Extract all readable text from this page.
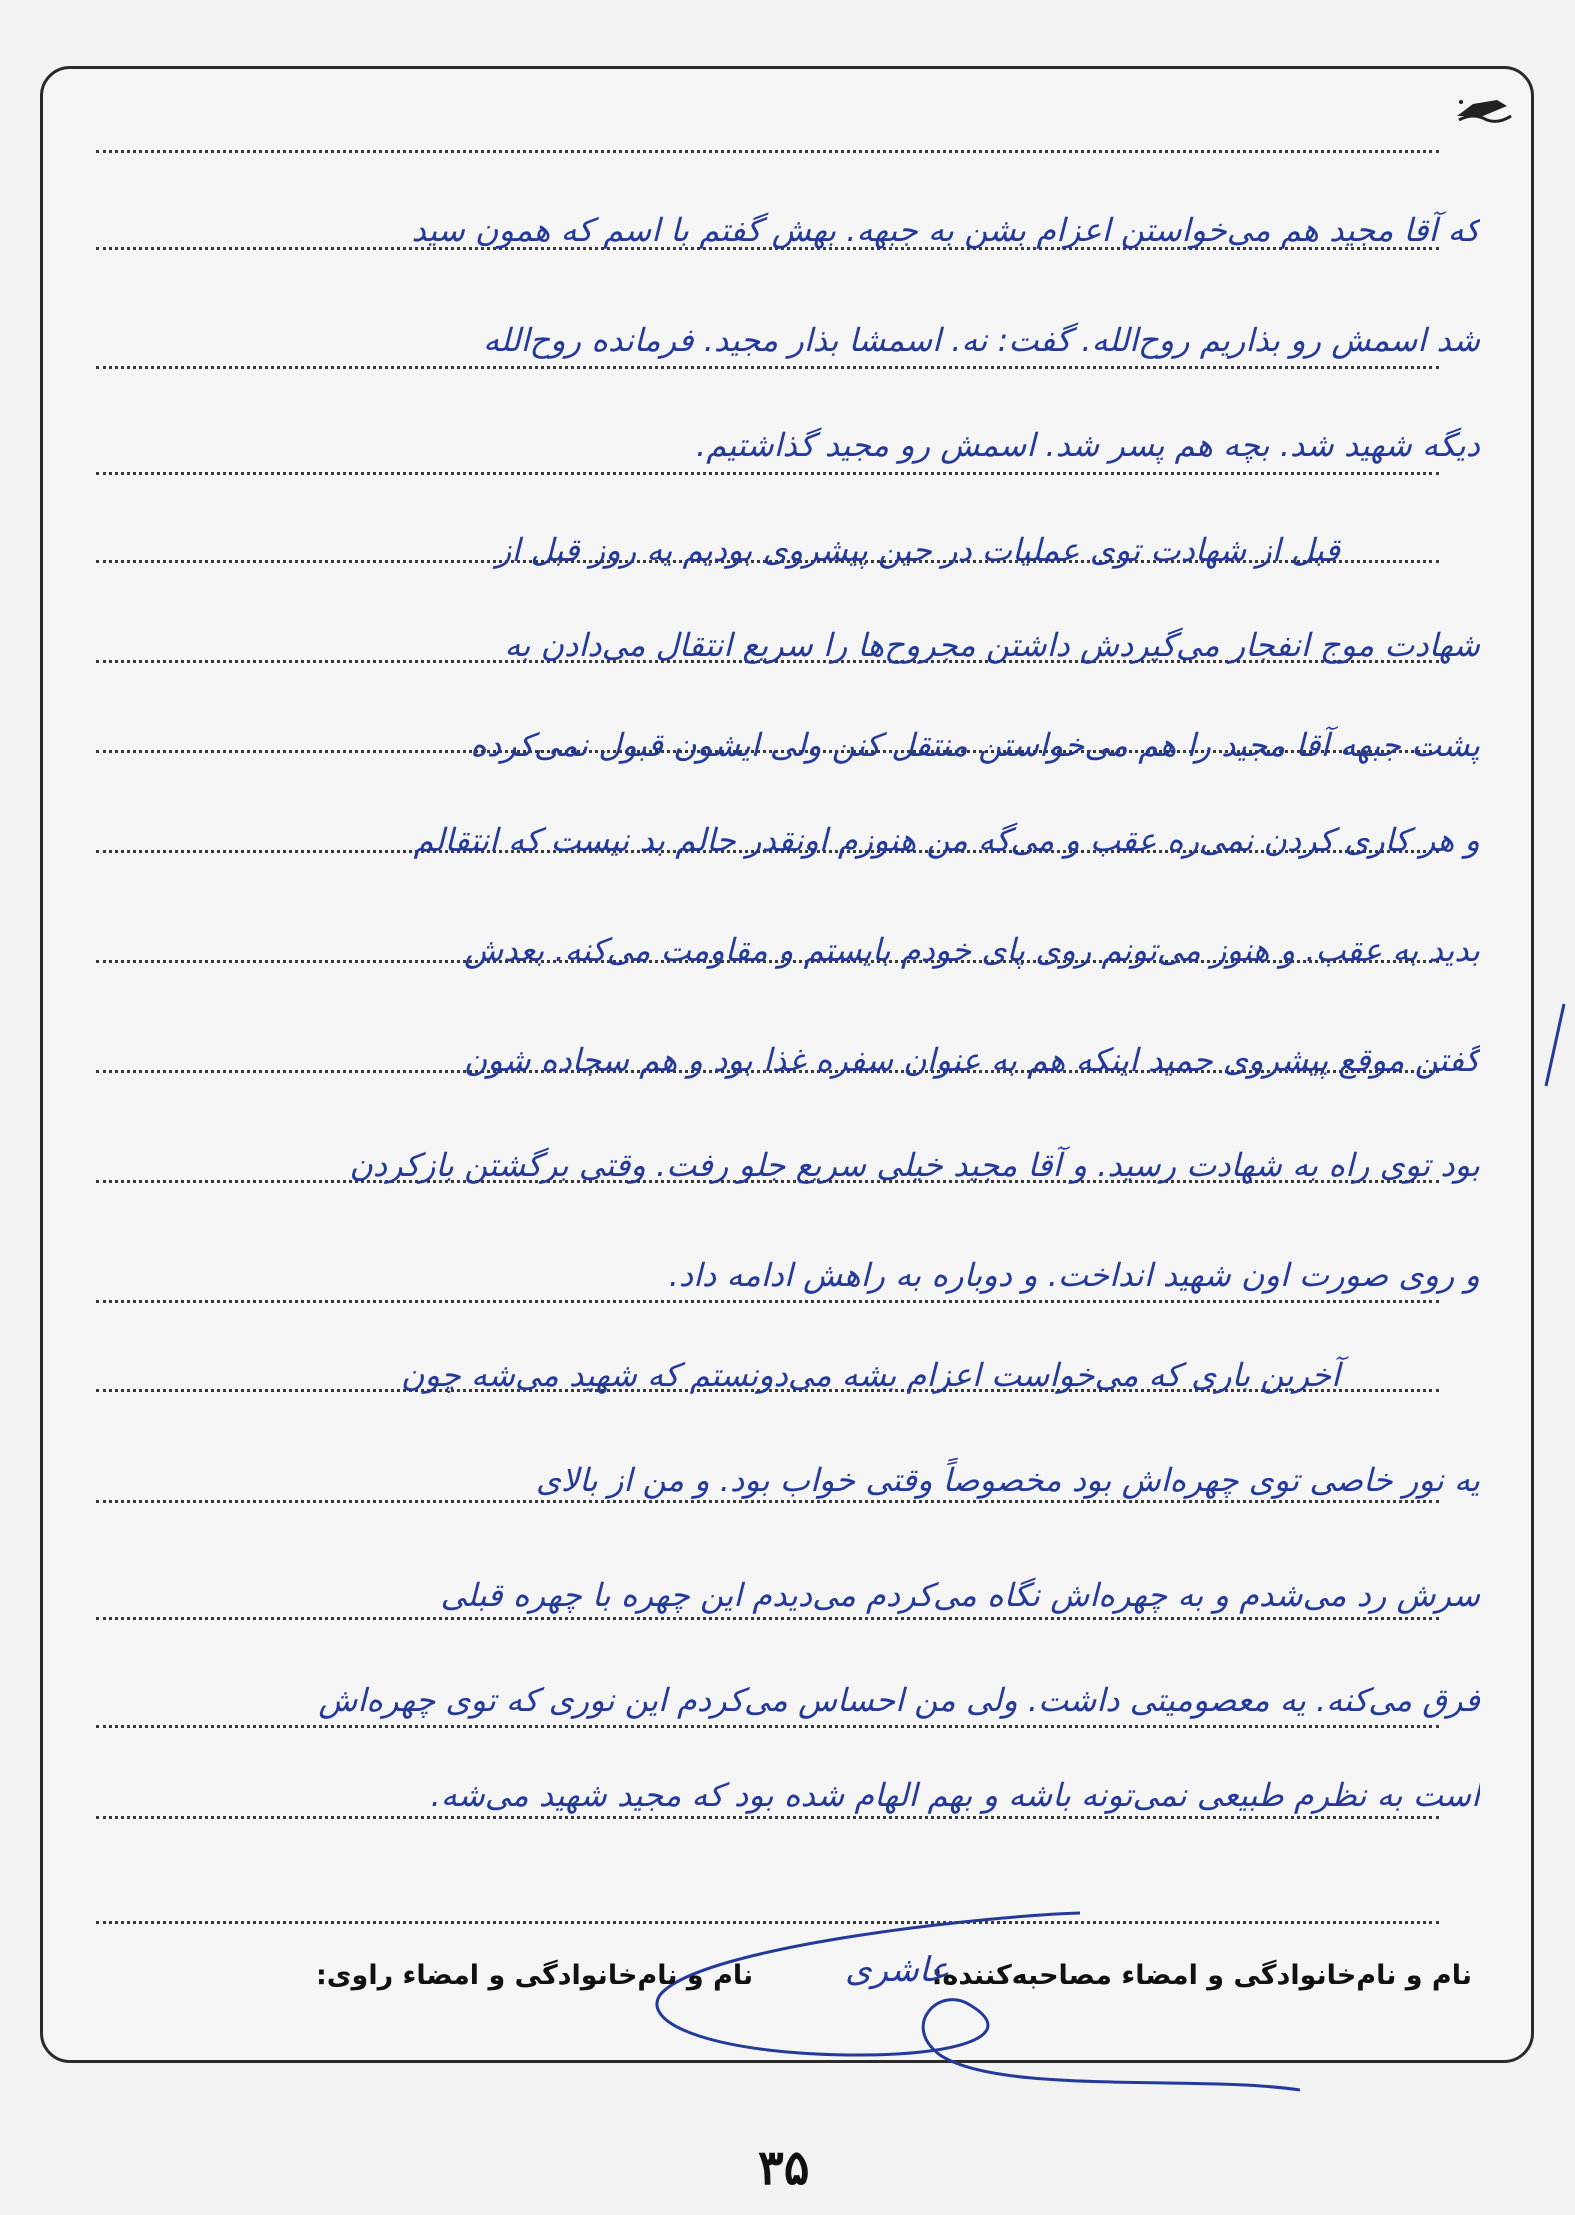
که آقا مجید هم می‌خواستن اعزام بشن به جبهه. بهش گفتم با اسم که همون سید
شد اسمش رو بذاریم روح‌الله. گفت: نه. اسمشا بذار مجید. فرمانده روح‌الله
دیگه شهید شد. بچه هم پسر شد. اسمش رو مجید گذاشتیم.
قبل از شهادت توی عملیات در حین پیشروی بودیم یه روز قبل از
شهادت موج انفجار می‌گیردش داشتن مجروح‌ها را سریع انتقال می‌دادن به
پشت جبهه آقا مجید را هم می‌خواستن منتقل کنن ولی ایشون قبول نمی‌کرده
و هر کاری کردن نمی‌ره عقب و می‌گه من هنوزم اونقدر حالم بد نیست که انتقالم
بدید به عقب. و هنوز می‌تونم روی پای خودم بایستم و مقاومت می‌کنه. بعدش
گفتن موقع پیشروی حمید اینکه هم به عنوان سفره غذا بود و هم سجاده شون
بود توی راه به شهادت رسید. و آقا مجید خیلی سریع جلو رفت. وقتی برگشتن بازکردن
و روی صورت اون شهید انداخت. و دوباره به راهش ادامه داد.
آخرین باری که می‌خواست اعزام بشه می‌دونستم که شهید می‌شه چون
یه نور خاصی توی چهره‌اش بود مخصوصاً وقتی خواب بود. و من از بالای
سرش رد می‌شدم و به چهره‌اش نگاه می‌کردم می‌دیدم این چهره با چهره قبلی
فرق می‌کنه. یه معصومیتی داشت. ولی من احساس می‌کردم این نوری که توی چهره‌اش
است به نظرم طبیعی نمی‌تونه باشه و بهم الهام شده بود که مجید شهید می‌شه.
نام و نام‌خانوادگی و امضاء مصاحبه‌کننده:
نام و نام‌خانوادگی و امضاء راوی:	عاشری
۳۵
